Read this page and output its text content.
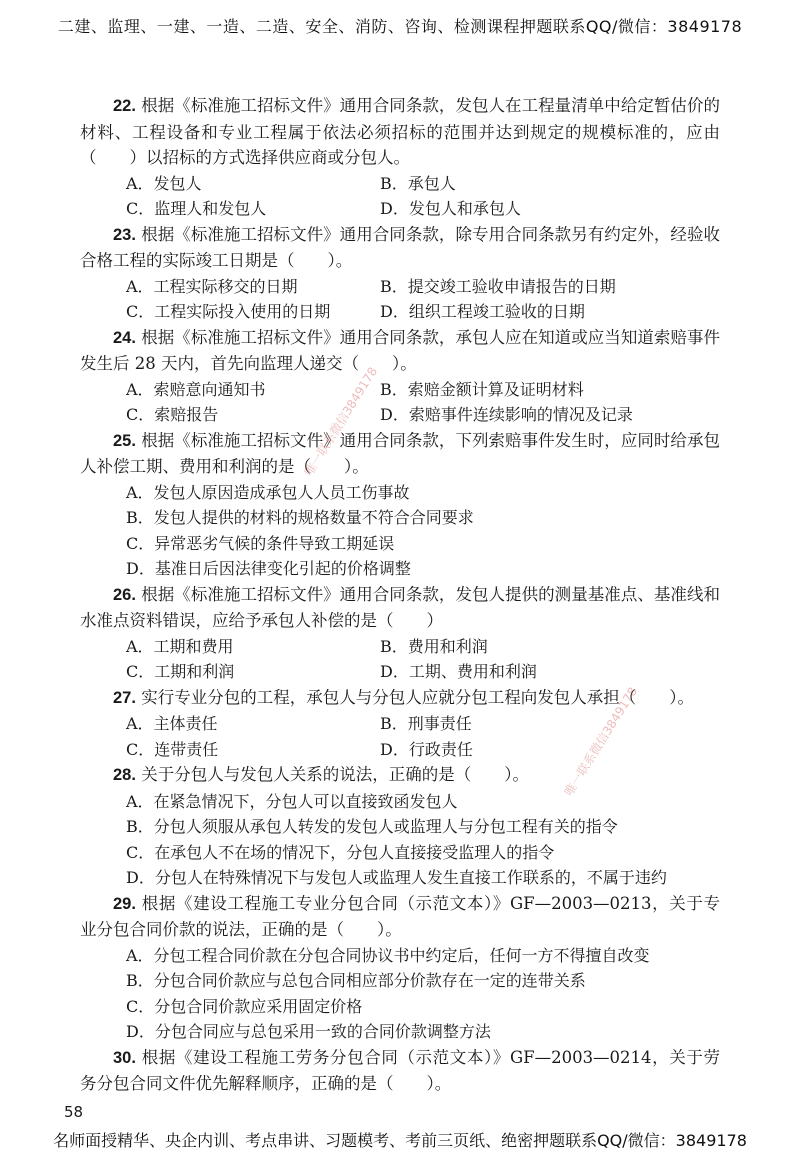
二建、监理、一建、一造、二造、安全、消防、咨询、检测课程押题联系QQ/微信：3849178

22. 根据《标准施工招标文件》通用合同条款，发包人在工程量清单中给定暂估价的材料、工程设备和专业工程属于依法必须招标的范围并达到规定的规模标准的，应由（　　）以招标的方式选择供应商或分包人。

A．发包人	B．承包人
C．监理人和发包人	D．发包人和承包人

23. 根据《标准施工招标文件》通用合同条款，除专用合同条款另有约定外，经验收合格工程的实际竣工日期是（　　）。

A．工程实际移交的日期	B．提交竣工验收申请报告的日期
C．工程实际投入使用的日期	D．组织工程竣工验收的日期

24. 根据《标准施工招标文件》通用合同条款，承包人应在知道或应当知道索赔事件发生后 28 天内，首先向监理人递交（　　）。

A．索赔意向通知书	B．索赔金额计算及证明材料
C．索赔报告	D．索赔事件连续影响的情况及记录

25. 根据《标准施工招标文件》通用合同条款，下列索赔事件发生时，应同时给承包人补偿工期、费用和利润的是（　　）。

A．发包人原因造成承包人人员工伤事故
B．发包人提供的材料的规格数量不符合合同要求
C．异常恶劣气候的条件导致工期延误
D．基准日后因法律变化引起的价格调整

26. 根据《标准施工招标文件》通用合同条款，发包人提供的测量基准点、基准线和水准点资料错误，应给予承包人补偿的是（　　）

A．工期和费用	B．费用和利润
C．工期和利润	D．工期、费用和利润

27. 实行专业分包的工程，承包人与分包人应就分包工程向发包人承担（　　）。

A．主体责任	B．刑事责任
C．连带责任	D．行政责任

28. 关于分包人与发包人关系的说法，正确的是（　　）。

A．在紧急情况下，分包人可以直接致函发包人
B．分包人须服从承包人转发的发包人或监理人与分包工程有关的指令
C．在承包人不在场的情况下，分包人直接接受监理人的指令
D．分包人在特殊情况下与发包人或监理人发生直接工作联系的，不属于违约

29. 根据《建设工程施工专业分包合同（示范文本）》GF—2003—0213，关于专业分包合同价款的说法，正确的是（　　）。

A．分包工程合同价款在分包合同协议书中约定后，任何一方不得擅自改变
B．分包合同价款应与总包合同相应部分价款存在一定的连带关系
C．分包合同价款应采用固定价格
D．分包合同应与总包采用一致的合同价款调整方法

30. 根据《建设工程施工劳务分包合同（示范文本）》GF—2003—0214，关于劳务分包合同文件优先解释顺序，正确的是（　　）。

唯一联系微信3849178
唯一联系微信3849178
58
名师面授精华、央企内训、考点串讲、习题模考、考前三页纸、绝密押题联系QQ/微信：3849178
